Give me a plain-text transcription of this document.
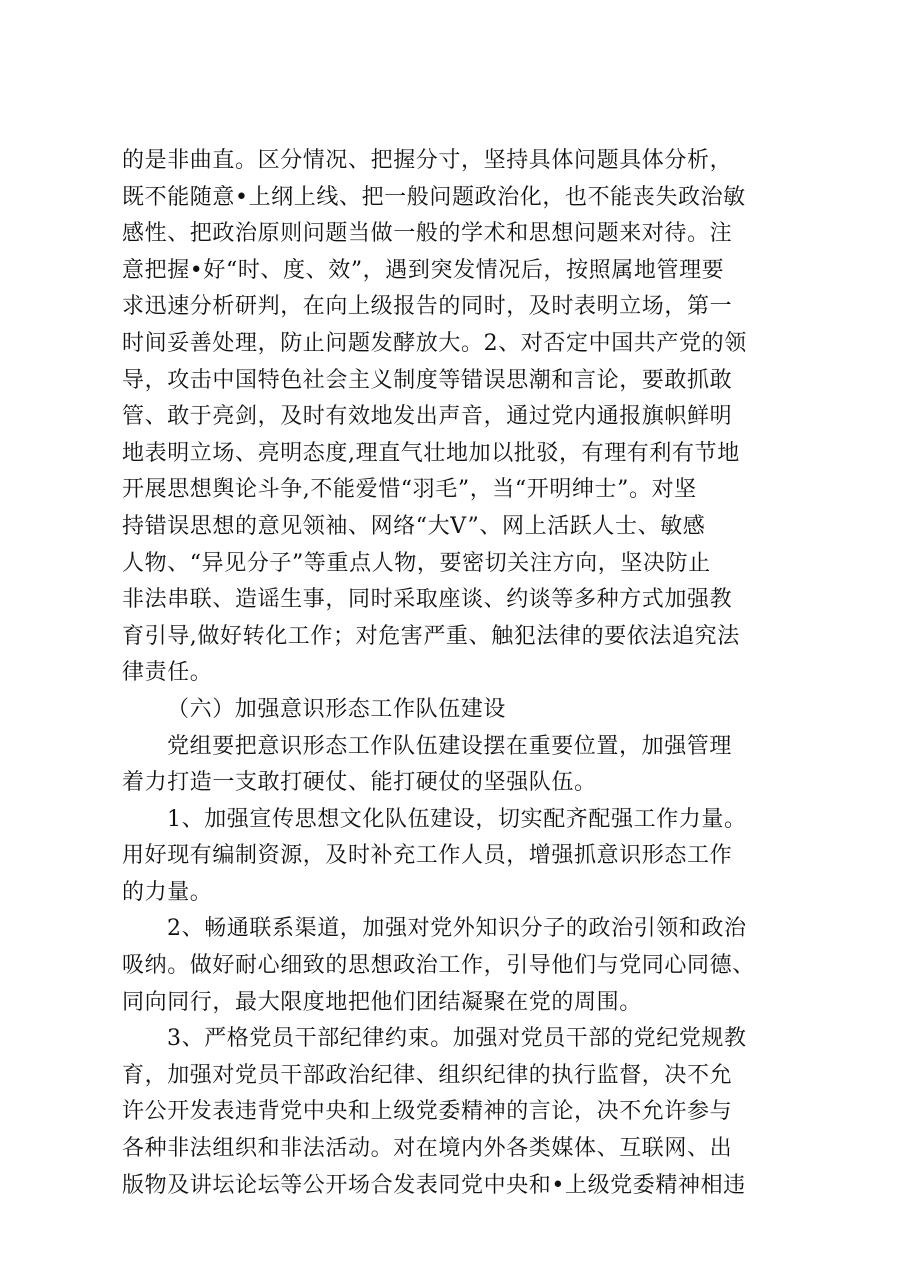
的是非曲直。区分情况、把握分寸，坚持具体问题具体分析，

既不能随意•上纲上线、把一般问题政治化，也不能丧失政治敏

感性、把政治原则问题当做一般的学术和思想问题来对待。注

意把握•好“时、度、效”，遇到突发情况后，按照属地管理要

求迅速分析研判，在向上级报告的同时，及时表明立场，第一

时间妥善处理，防止问题发酵放大。2、对否定中国共产党的领

导，攻击中国特色社会主义制度等错误思潮和言论，要敢抓敢

管、敢于亮剑，及时有效地发出声音，通过党内通报旗帜鲜明

地表明立场、亮明态度,理直气壮地加以批驳，有理有利有节地

开展思想舆论斗争,不能爱惜“羽毛”，当“开明绅士”。对坚

持错误思想的意见领袖、网络“大V”、网上活跃人士、敏感

人物、“异见分子”等重点人物，要密切关注方向，坚决防止

非法串联、造谣生事，同时采取座谈、约谈等多种方式加强教

育引导,做好转化工作；对危害严重、触犯法律的要依法追究法

律责任。

（六）加强意识形态工作队伍建设

党组要把意识形态工作队伍建设摆在重要位置，加强管理

着力打造一支敢打硬仗、能打硬仗的坚强队伍。

1、加强宣传思想文化队伍建设，切实配齐配强工作力量。

用好现有编制资源，及时补充工作人员，增强抓意识形态工作

的力量。

2、畅通联系渠道，加强对党外知识分子的政治引领和政治

吸纳。做好耐心细致的思想政治工作，引导他们与党同心同德、

同向同行，最大限度地把他们团结凝聚在党的周围。

3、严格党员干部纪律约束。加强对党员干部的党纪党规教

育，加强对党员干部政治纪律、组织纪律的执行监督，决不允

许公开发表违背党中央和上级党委精神的言论，决不允许参与

各种非法组织和非法活动。对在境内外各类媒体、互联网、出

版物及讲坛论坛等公开场合发表同党中央和•上级党委精神相违
